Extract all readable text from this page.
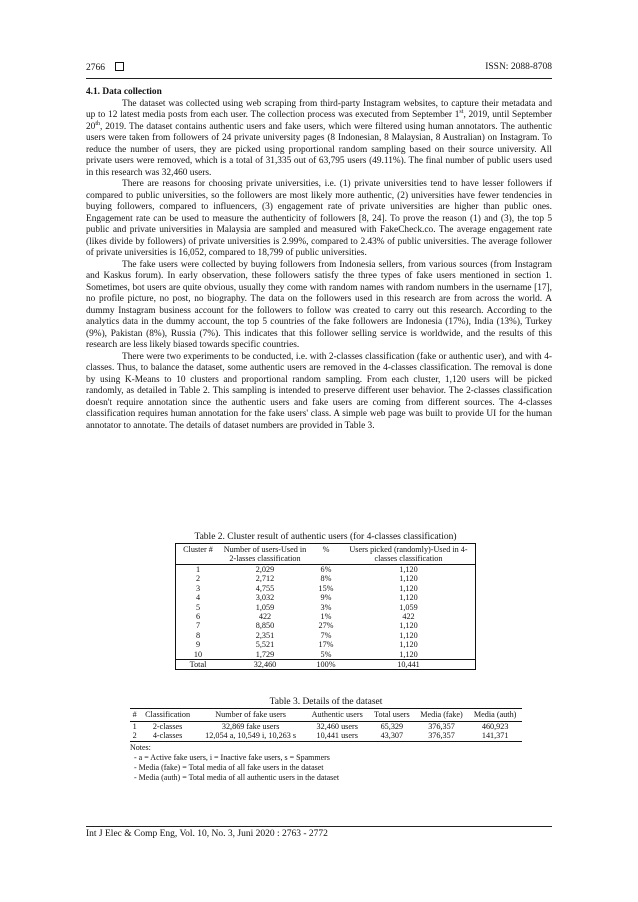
2766	ISSN: 2088-8708
4.1. Data collection

The dataset was collected using web scraping from third-party Instagram websites, to capture their metadata and up to 12 latest media posts from each user. The collection process was executed from September 1st, 2019, until September 20th, 2019. The dataset contains authentic users and fake users, which were filtered using human annotators. The authentic users were taken from followers of 24 private university pages (8 Indonesian, 8 Malaysian, 8 Australian) on Instagram. To reduce the number of users, they are picked using proportional random sampling based on their source university. All private users were removed, which is a total of 31,335 out of 63,795 users (49.11%). The final number of public users used in this research was 32,460 users.

There are reasons for choosing private universities, i.e. (1) private universities tend to have lesser followers if compared to public universities, so the followers are most likely more authentic, (2) universities have fewer tendencies in buying followers, compared to influencers, (3) engagement rate of private universities are higher than public ones. Engagement rate can be used to measure the authenticity of followers [8, 24]. To prove the reason (1) and (3), the top 5 public and private universities in Malaysia are sampled and measured with FakeCheck.co. The average engagement rate (likes divide by followers) of private universities is 2.99%, compared to 2.43% of public universities. The average follower of private universities is 16,052, compared to 18,799 of public universities.

The fake users were collected by buying followers from Indonesia sellers, from various sources (from Instagram and Kaskus forum). In early observation, these followers satisfy the three types of fake users mentioned in section 1. Sometimes, bot users are quite obvious, usually they come with random names with random numbers in the username [17], no profile picture, no post, no biography. The data on the followers used in this research are from across the world. A dummy Instagram business account for the followers to follow was created to carry out this research. According to the analytics data in the dummy account, the top 5 countries of the fake followers are Indonesia (17%), India (13%), Turkey (9%), Pakistan (8%), Russia (7%). This indicates that this follower selling service is worldwide, and the results of this research are less likely biased towards specific countries.

There were two experiments to be conducted, i.e. with 2-classes classification (fake or authentic user), and with 4-classes. Thus, to balance the dataset, some authentic users are removed in the 4-classes classification. The removal is done by using K-Means to 10 clusters and proportional random sampling. From each cluster, 1,120 users will be picked randomly, as detailed in Table 2. This sampling is intended to preserve different user behavior. The 2-classes classification doesn't require annotation since the authentic users and fake users are coming from different sources. The 4-classes classification requires human annotation for the fake users' class. A simple web page was built to provide UI for the human annotator to annotate. The details of dataset numbers are provided in Table 3.

Table 2. Cluster result of authentic users (for 4-classes classification)
Cluster #	Number of users-Used in 2-lasses classification	%	Users picked (randomly)-Used in 4-classes classification
1	2,029	6%	1,120
2	2,712	8%	1,120
3	4,755	15%	1,120
4	3,032	9%	1,120
5	1,059	3%	1,059
6	422	1%	422
7	8,850	27%	1,120
8	2,351	7%	1,120
9	5,521	17%	1,120
10	1,729	5%	1,120
Total	32,460	100%	10,441
Table 3. Details of the dataset
#	Classification	Number of fake users	Authentic users	Total users	Media (fake)	Media (auth)
1	2-classes	32,869 fake users	32,460 users	65,329	376,357	460,923
2	4-classes	12,054 a, 10,549 i, 10,263 s	10,441 users	43,307	376,357	141,371
Notes:
- a = Active fake users, i = Inactive fake users, s = Spammers
- Media (fake) = Total media of all fake users in the dataset
- Media (auth) = Total media of all authentic users in the dataset
Int J Elec & Comp Eng, Vol. 10, No. 3, Juni 2020 : 2763 - 2772
